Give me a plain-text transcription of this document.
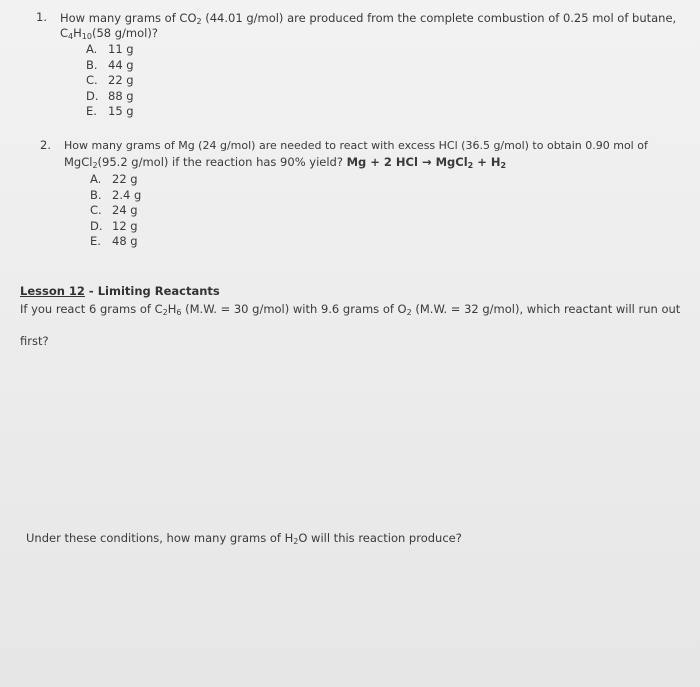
1. How many grams of $CO_2$ (44.01 g/mol) are produced from the complete combustion of 0.25 mol of butane,
$C_4H_{10}(58$ g/mol)?
A. 11 g
B. 44 g
C. 22 g
D. 88 g
E. 15 g
2. How many grams of Mg (24 g/mol) are needed to react with excess HCl (36.5 g/mol) to obtain 0.90 mol of
MgCl$_2$(95.2 g/mol) if the reaction has 90% yield? Mg + 2 HCl → MgCl$_2$ + $H_2$
A. 22 g
B. 2.4 g
C. 24 g
D. 12 g
E. 48 g
Lesson 12 - Limiting Reactants
If you react 6 grams of $C_2H_6$ (M.W. = 30 g/mol) with 9.6 grams of $O_2$ (M.W. = 32 g/mol), which reactant will run out
first?
Under these conditions, how many grams of $H_2O$ will this reaction produce?
